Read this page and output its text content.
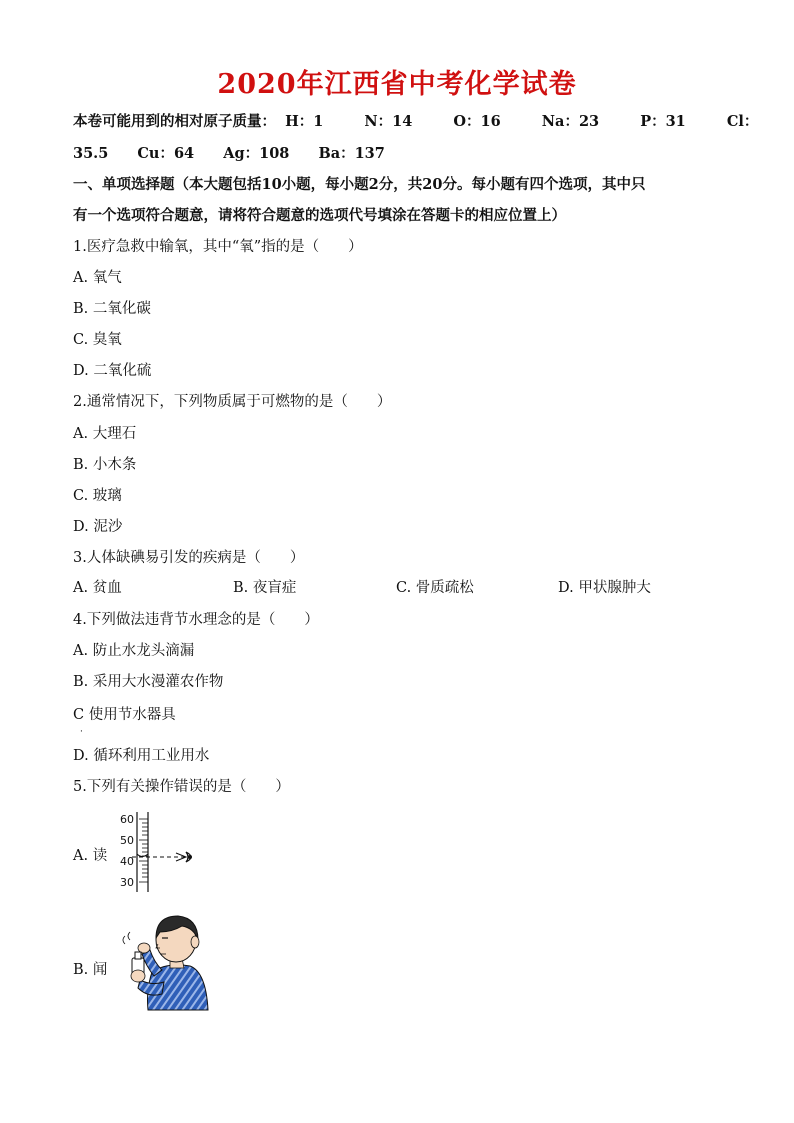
2020年江西省中考化学试卷
本卷可能用到的相对原子质量： H：1	N：14	O：16	Na：23	P：31	Cl：
35.5 Cu：64 Ag：108 Ba：137
一、单项选择题（本大题包括10小题，每小题2分，共20分。每小题有四个选项，其中只
有一个选项符合题意，请将符合题意的选项代号填涂在答题卡的相应位置上）
1.医疗急救中输氧，其中“氧”指的是（　　）
A. 氧气
B. 二氧化碳
C. 臭氧
D. 二氧化硫
2.通常情况下，下列物质属于可燃物的是（　　）
A. 大理石
B. 小木条
C. 玻璃
D. 泥沙
3.人体缺碘易引发的疾病是（　　）
A. 贫血	B. 夜盲症	C. 骨质疏松	D. 甲状腺肿大
4.下列做法违背节水理念的是（　　）
A. 防止水龙头滴漏
B. 采用大水漫灌农作物
C 使用节水器具
·
D. 循环利用工业用水
5.下列有关操作错误的是（　　）
A. 读
60
50
40
30
B. 闻
